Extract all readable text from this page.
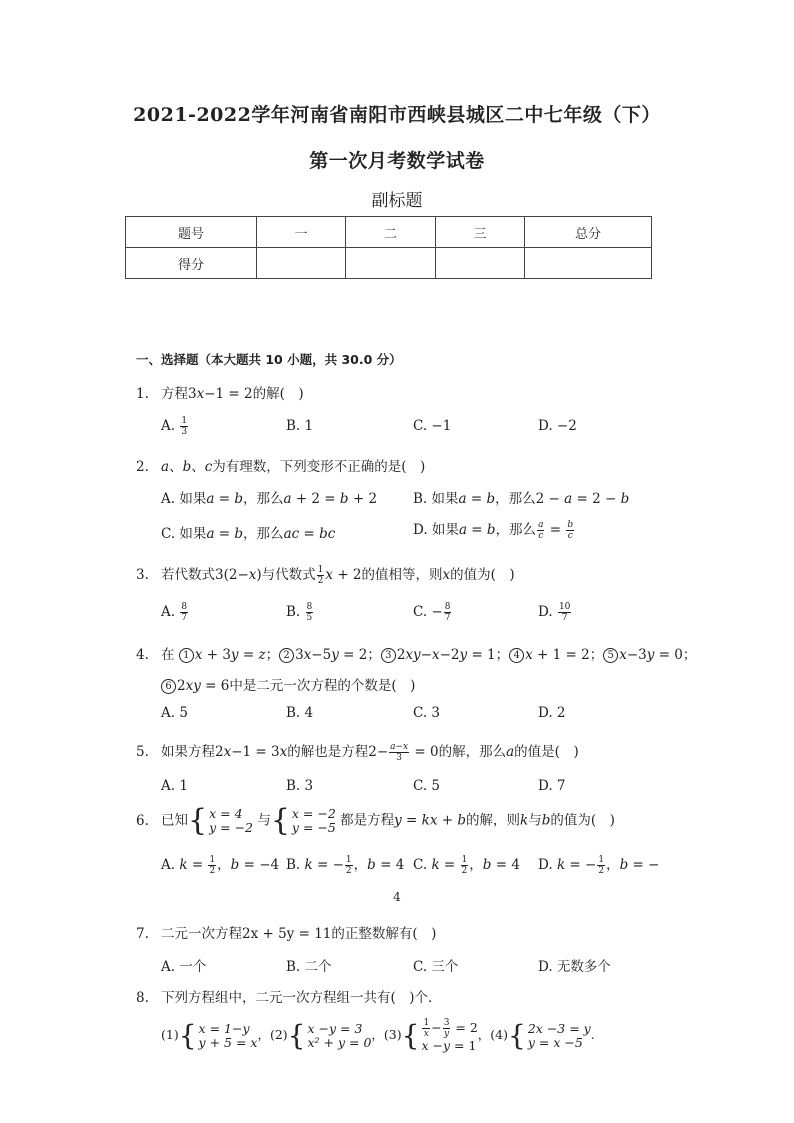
2021-2022学年河南省南阳市西峡县城区二中七年级（下）
第一次月考数学试卷
副标题
题号	一	二	三	总分
得分				
一、选择题（本大题共 10 小题，共 30.0 分）
1. 方程3x−1 = 2的解(　)
A. $\frac{1}{3}$	B. 1	C. −1	D. −2
2. a、b、c为有理数，下列变形不正确的是(　)
A. 如果a = b，那么a + 2 = b + 2	B. 如果a = b，那么2 − a = 2 − b
C. 如果a = b，那么ac = bc	D. 如果a = b，那么 $\frac{a}{c} = \frac{b}{c}$
3. 若代数式3(2−x)与代数式 $\frac{1}{2}$ x + 2的值相等，则x的值为(　)
A. $\frac{8}{7}$	B. $\frac{8}{5}$	C. − $\frac{8}{7}$	D. $\frac{10}{7}$
4. 在 1 x + 3y = z； 2 3x−5y = 2； 3 2xy−x−2y = 1； 4 x + 1 = 2； 5 x−3y = 0；
6 2xy = 6中是二元一次方程的个数是(　)
A. 5	B. 4	C. 3	D. 2
5. 如果方程2x−1 = 3x的解也是方程$2- \frac{a-x}{3} = 0$的解，那么a的值是(　)
A. 1	B. 3	C. 5	D. 7
6. 已知{ x = 4
y = −2 与{ x = −2
y = −5 都是方程y = kx + b的解，则k与b的值为(　)
A. $k = \frac{1}{2}$ ，b = −4 B. k = − $\frac{1}{2}$ ，b = 4 C. $k = \frac{1}{2}$ ，b = 4 D. k = − $\frac{1}{2}$ ，b = −
4
7. 二元一次方程2x + 5y = 11的正整数解有(　)
A. 一个	B. 二个	C. 三个	D. 无数多个
8. 下列方程组中，二元一次方程组一共有(　)个．
(1){ x = 1−y
y + 5 = x ，(2){ x −y = 3
x² + y = 0 ，$(3)\{ \frac{1}{x} - \frac{3}{y} = 2$
x −y = 1
，(4){ 2x −3 = y
y = x −5 .
